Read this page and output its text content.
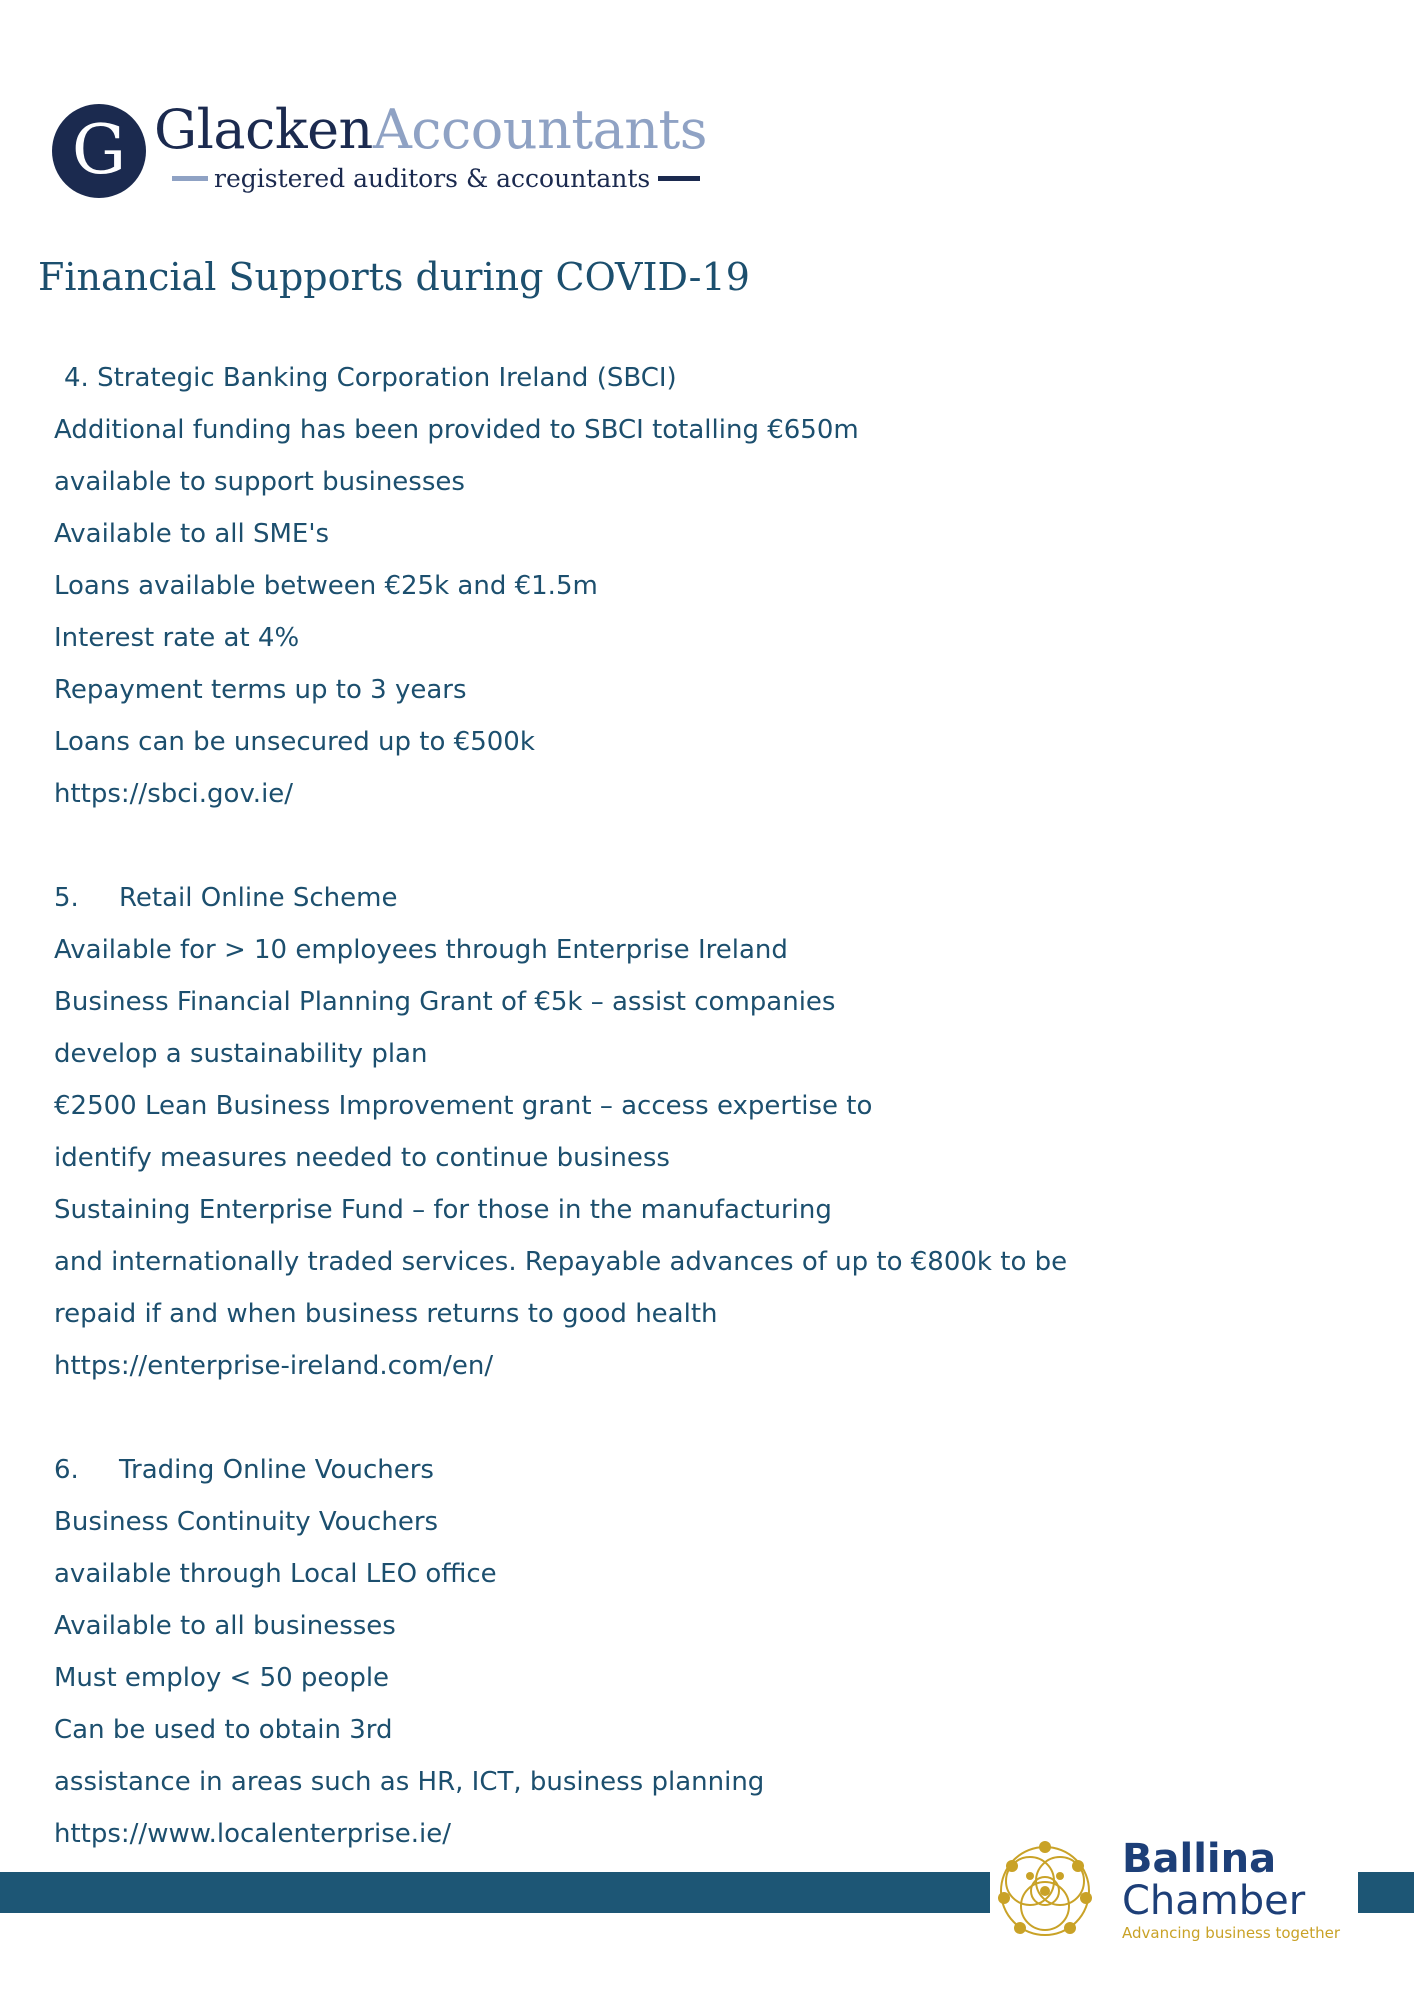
G GlackenAccountants
registered auditors & accountants
Financial Supports during COVID-19
4. Strategic Banking Corporation Ireland (SBCI)
Additional funding has been provided to SBCI totalling €650m
available to support businesses
Available to all SME's
Loans available between €25k and €1.5m
Interest rate at 4%
Repayment terms up to 3 years
Loans can be unsecured up to €500k
https://sbci.gov.ie/
5. Retail Online Scheme
Available for > 10 employees through Enterprise Ireland
Business Financial Planning Grant of €5k – assist companies
develop a sustainability plan
€2500 Lean Business Improvement grant – access expertise to
identify measures needed to continue business
Sustaining Enterprise Fund – for those in the manufacturing
and internationally traded services. Repayable advances of up to €800k to be
repaid if and when business returns to good health
https://enterprise-ireland.com/en/
6. Trading Online Vouchers
Business Continuity Vouchers
available through Local LEO office
Available to all businesses
Must employ < 50 people
Can be used to obtain 3rd
assistance in areas such as HR, ICT, business planning
https://www.localenterprise.ie/
Ballina
Chamber
Advancing business together
